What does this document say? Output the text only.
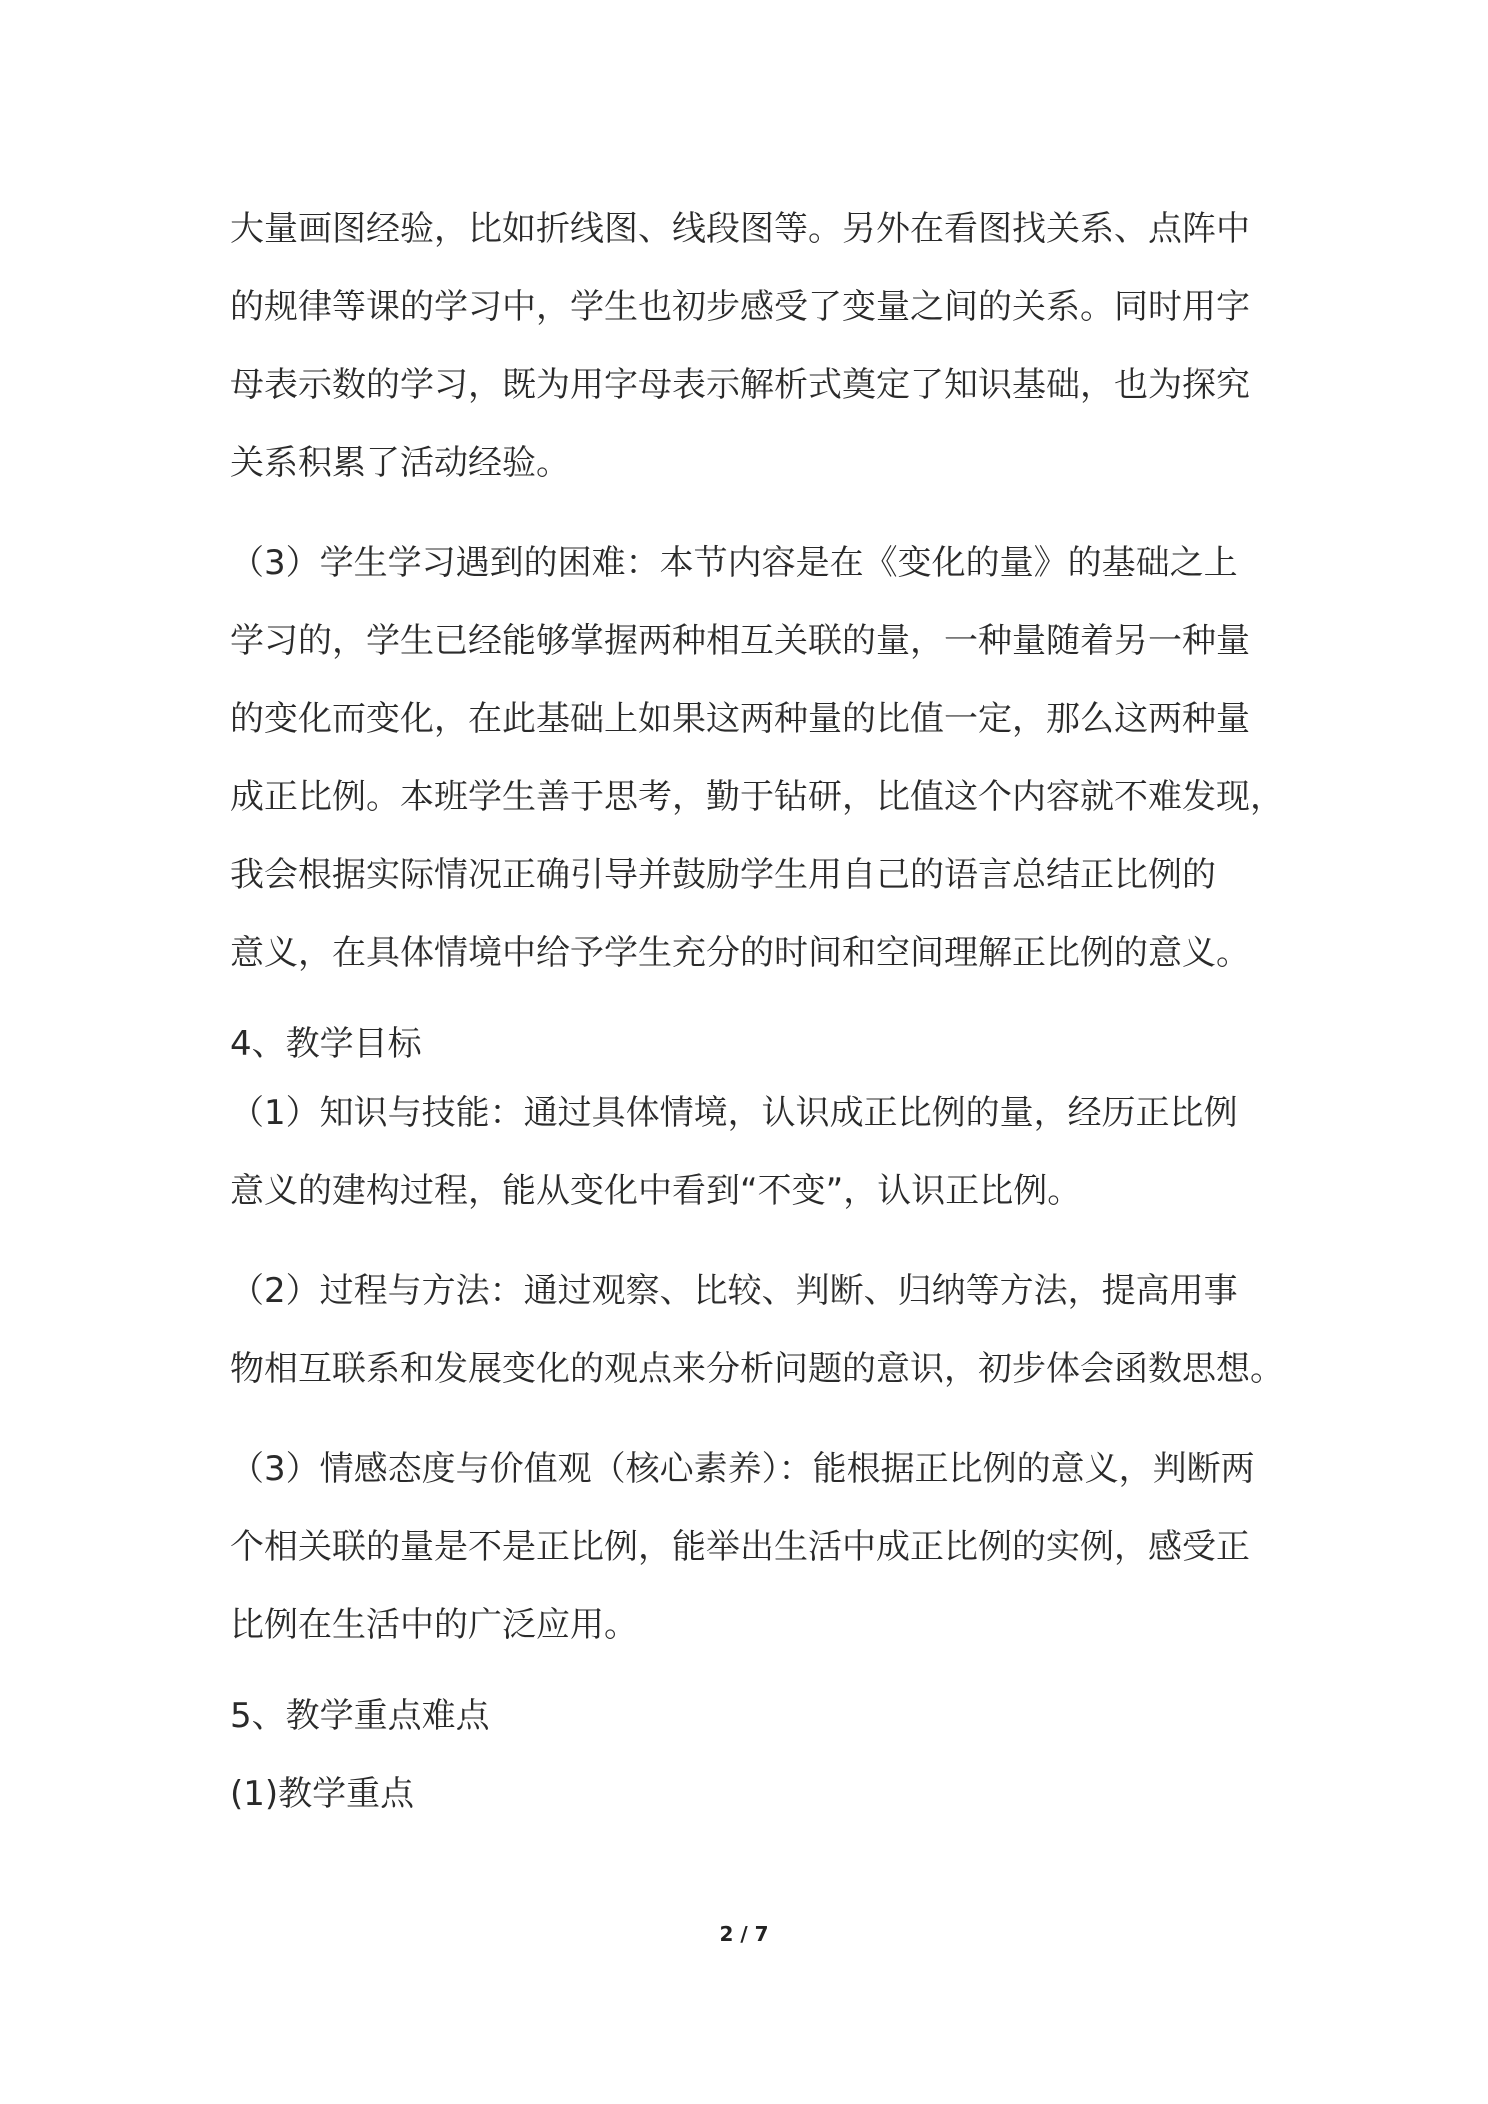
大量画图经验，比如折线图、线段图等。另外在看图找关系、点阵中
的规律等课的学习中，学生也初步感受了变量之间的关系。同时用字
母表示数的学习，既为用字母表示解析式奠定了知识基础，也为探究
关系积累了活动经验。
（3）学生学习遇到的困难：本节内容是在《变化的量》的基础之上
学习的，学生已经能够掌握两种相互关联的量，一种量随着另一种量
的变化而变化，在此基础上如果这两种量的比值一定，那么这两种量
成正比例。本班学生善于思考，勤于钻研，比值这个内容就不难发现，
我会根据实际情况正确引导并鼓励学生用自己的语言总结正比例的
意义，在具体情境中给予学生充分的时间和空间理解正比例的意义。
4、教学目标
（1）知识与技能：通过具体情境，认识成正比例的量，经历正比例
意义的建构过程，能从变化中看到“不变”，认识正比例。
（2）过程与方法：通过观察、比较、判断、归纳等方法，提高用事
物相互联系和发展变化的观点来分析问题的意识，初步体会函数思想。
（3）情感态度与价值观（核心素养）：能根据正比例的意义，判断两
个相关联的量是不是正比例，能举出生活中成正比例的实例，感受正
比例在生活中的广泛应用。
5、教学重点难点
(1)教学重点
2 / 7
